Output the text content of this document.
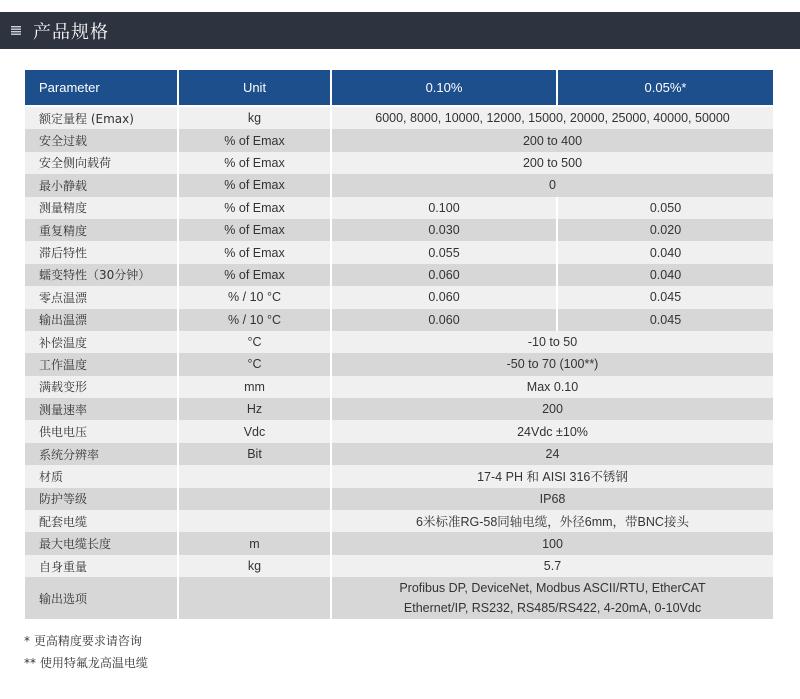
产品规格
Parameter	Unit	0.10%	0.05%*
额定量程 (Emax)	kg	6000, 8000, 10000, 12000, 15000, 20000, 25000, 40000, 50000	
安全过载	% of Emax	200 to 400	
安全侧向载荷	% of Emax	200 to 500	
最小静载	% of Emax	0	
测量精度	% of Emax	0.100	0.050
重复精度	% of Emax	0.030	0.020
滞后特性	% of Emax	0.055	0.040
蠕变特性（30分钟）	% of Emax	0.060	0.040
零点温漂	% / 10 °C	0.060	0.045
输出温漂	% / 10 °C	0.060	0.045
补偿温度	°C	-10 to 50	
工作温度	°C	-50 to 70 (100**)	
满载变形	mm	Max 0.10	
测量速率	Hz	200	
供电电压	Vdc	24Vdc ±10%	
系统分辨率	Bit	24	
材质		17-4 PH 和 AISI 316不锈钢	
防护等级		IP68	
配套电缆		6米标准RG-58同轴电缆，外径6mm，带BNC接头	
最大电缆长度	m	100	
自身重量	kg	5.7	
输出选项		Profibus DP, DeviceNet, Modbus ASCII/RTU, EtherCAT
Ethernet/IP, RS232, RS485/RS422, 4-20mA, 0-10Vdc	
* 更高精度要求请咨询
** 使用特氟龙高温电缆
